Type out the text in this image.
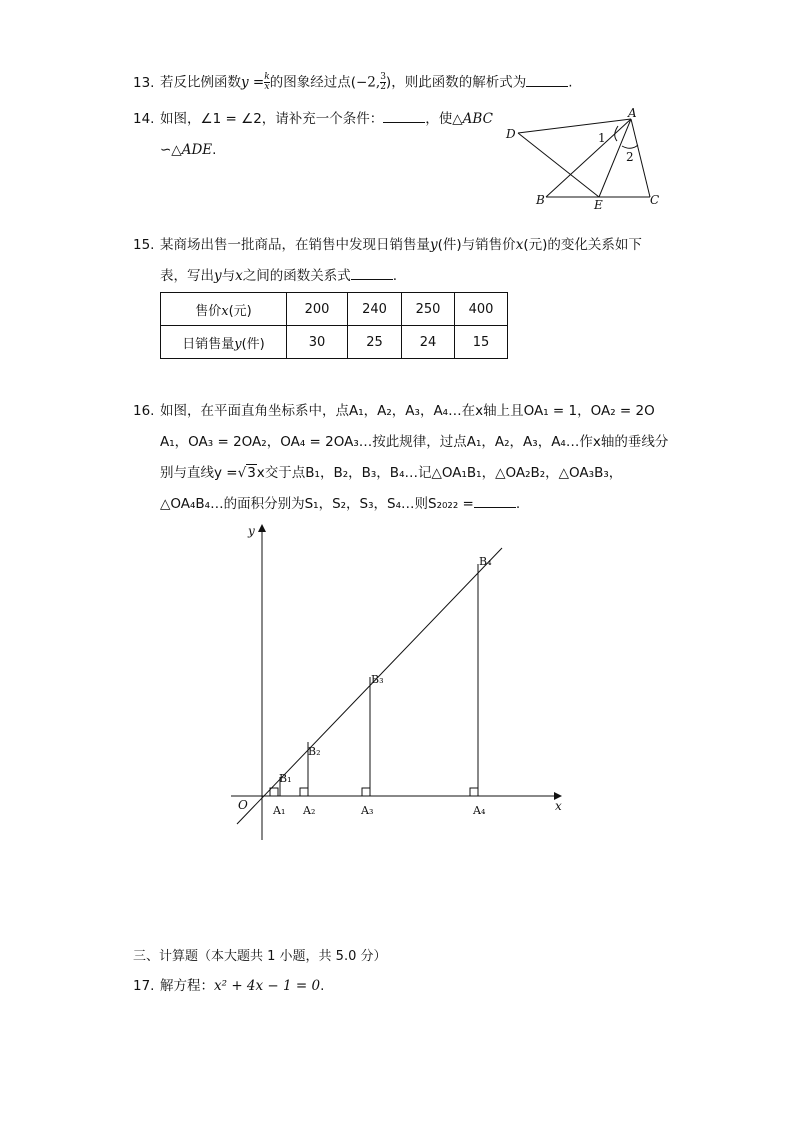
13. 若反比例函数$y = \frac{k}{x}$ 的图象经过点(−2, $\frac{3}{2}$ )，则此函数的解析式为	.
14. 如图，∠1 = ∠2，请补充一个条件：	，使△ABC
∽△ADE.
A
D
B	E	C
1
2
15. 某商场出售一批商品，在销售中发现日销售量y(件)与销售价x(元)的变化关系如下
表，写出y与x之间的函数关系式	.
售价x(元)	200	240	250	400
日销售量y(件)	30	25	24	15
16. 如图，在平面直角坐标系中，点A₁，A₂，A₃，A₄…在x轴上且OA₁ = 1，OA₂ = 2O
A₁，OA₃ = 2OA₂，OA₄ = 2OA₃…按此规律，过点A₁，A₂，A₃，A₄…作x轴的垂线分
别与直线y =√3x交于点B₁，B₂，B₃，B₄…记△OA₁B₁，△OA₂B₂，△OA₃B₃，
△OA₄B₄…的面积分别为S₁，S₂，S₃，S₄…则S₂₀₂₂ =	.
y
x
O A₁ A₂	A₃	A₄
B₁
B₂
B₃
B₄
三、计算题（本大题共 1 小题，共 5.0 分）
17. 解方程：x² + 4x − 1 = 0.
